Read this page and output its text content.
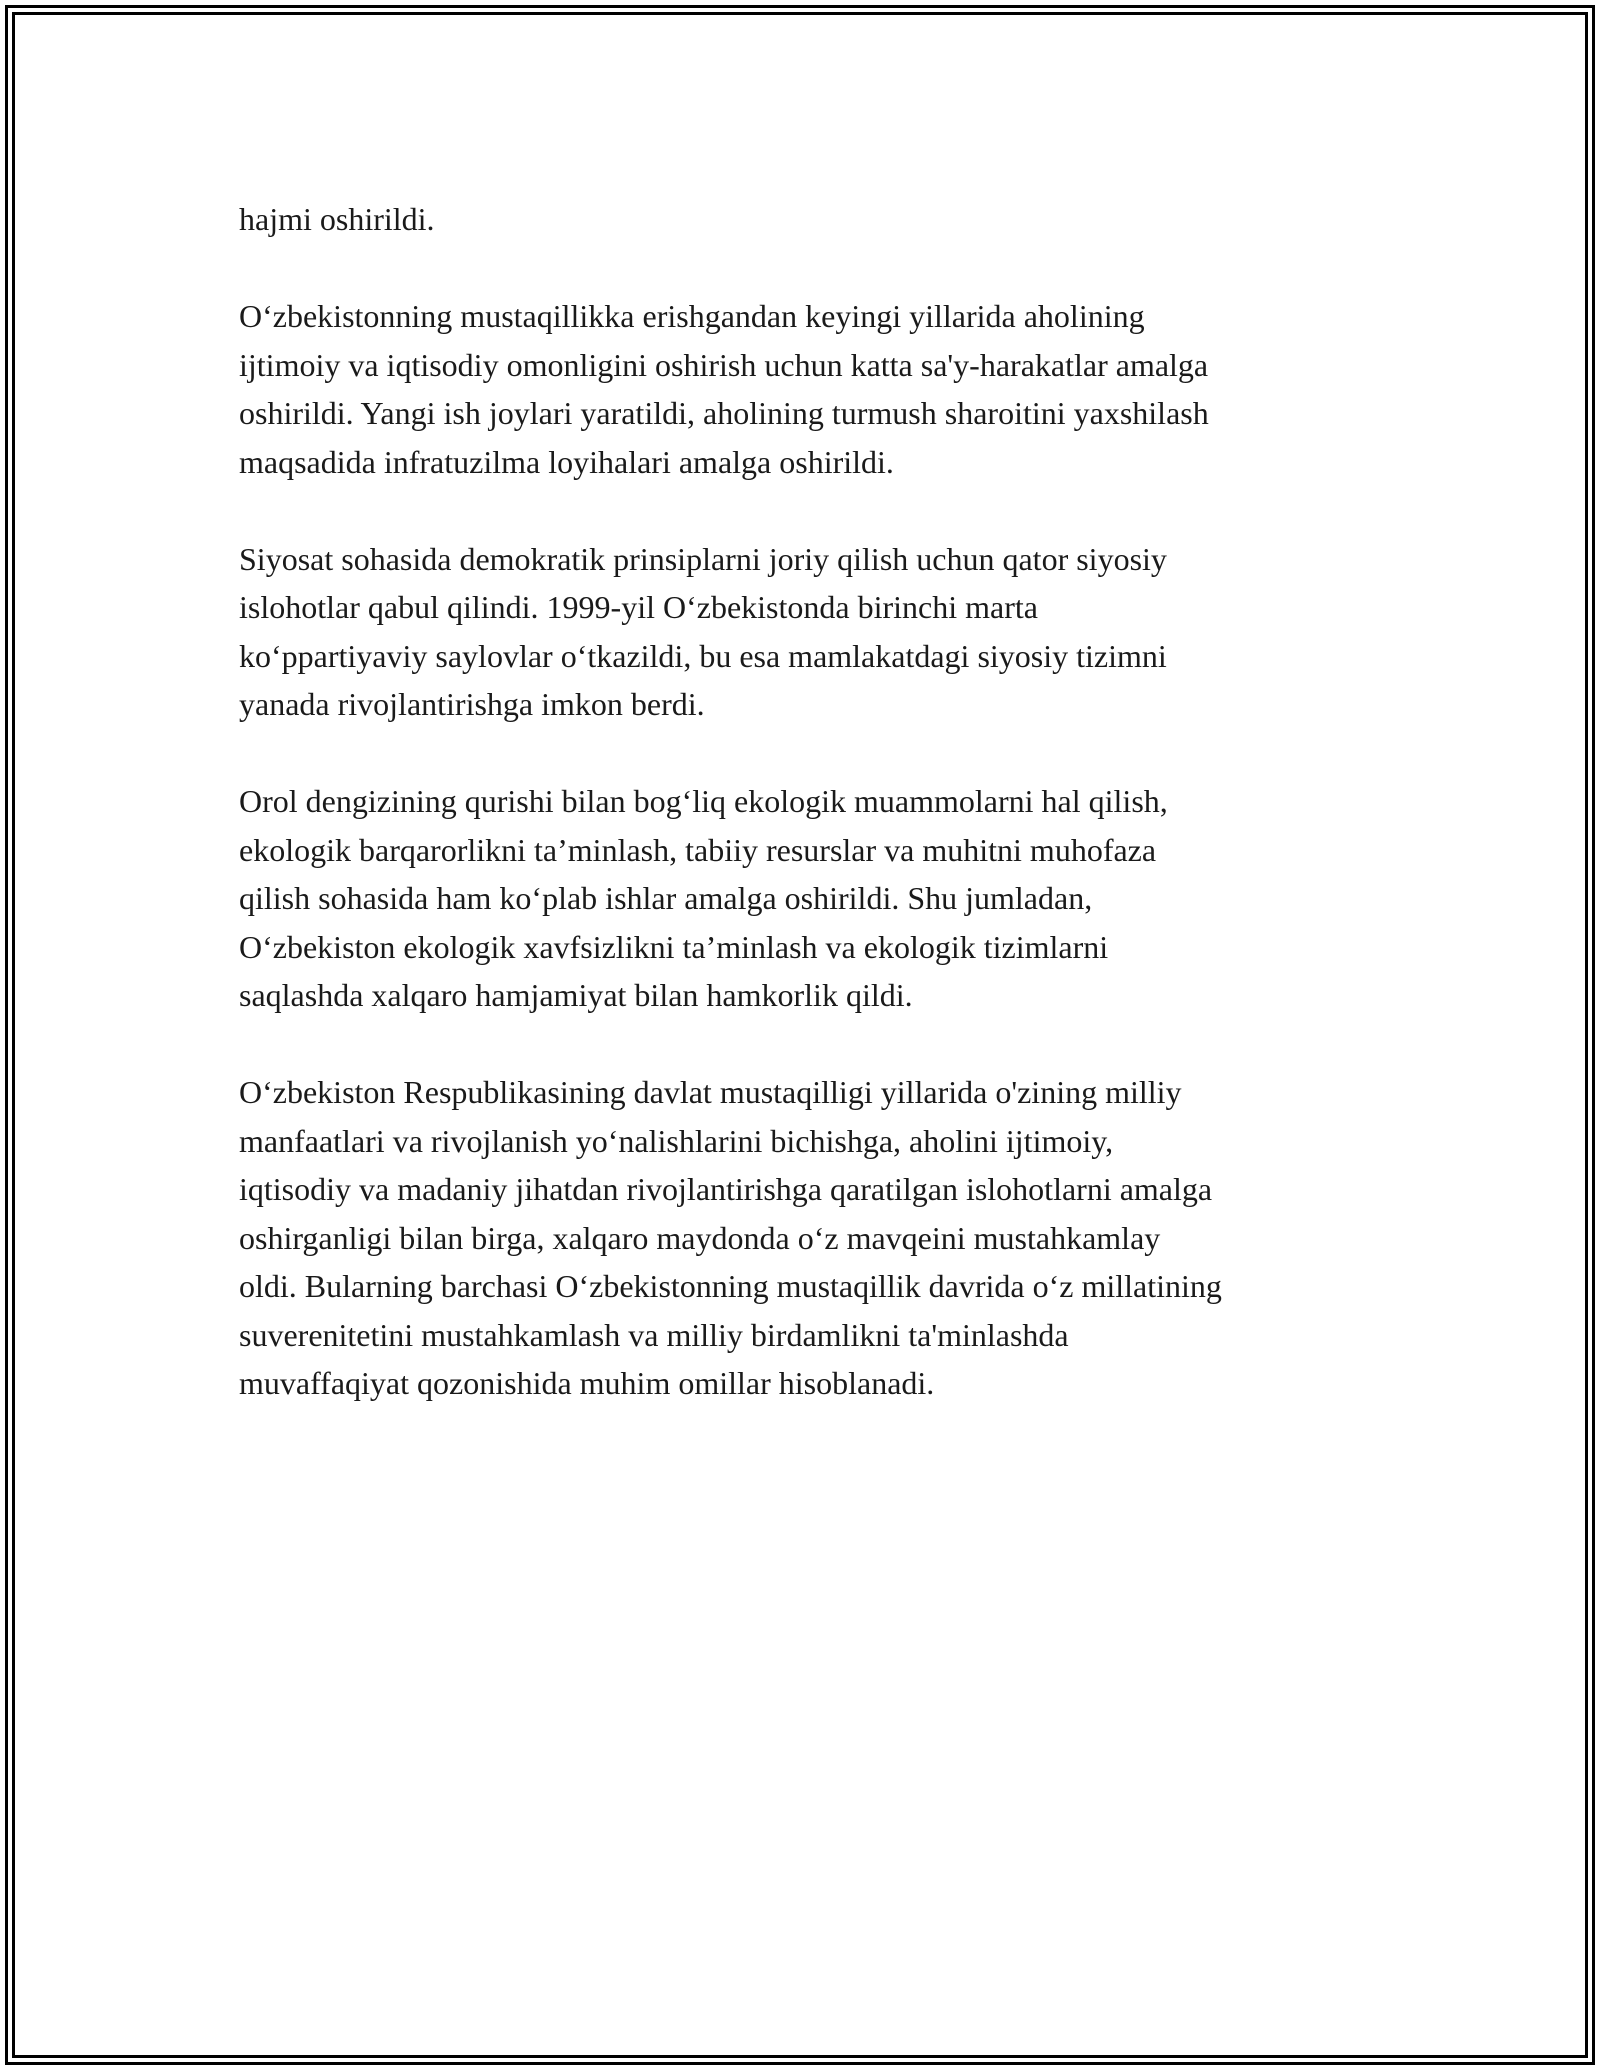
hajmi oshirildi.

O‘zbekistonning mustaqillikka erishgandan keyingi yillarida aholining
ijtimoiy va iqtisodiy omonligini oshirish uchun katta sa'y-harakatlar amalga
oshirildi. Yangi ish joylari yaratildi, aholining turmush sharoitini yaxshilash
maqsadida infratuzilma loyihalari amalga oshirildi.

Siyosat sohasida demokratik prinsiplarni joriy qilish uchun qator siyosiy
islohotlar qabul qilindi. 1999-yil O‘zbekistonda birinchi marta
ko‘ppartiyaviy saylovlar o‘tkazildi, bu esa mamlakatdagi siyosiy tizimni
yanada rivojlantirishga imkon berdi.

Orol dengizining qurishi bilan bog‘liq ekologik muammolarni hal qilish,
ekologik barqarorlikni ta’minlash, tabiiy resurslar va muhitni muhofaza
qilish sohasida ham ko‘plab ishlar amalga oshirildi. Shu jumladan,
O‘zbekiston ekologik xavfsizlikni ta’minlash va ekologik tizimlarni
saqlashda xalqaro hamjamiyat bilan hamkorlik qildi.

O‘zbekiston Respublikasining davlat mustaqilligi yillarida o'zining milliy
manfaatlari va rivojlanish yo‘nalishlarini bichishga, aholini ijtimoiy,
iqtisodiy va madaniy jihatdan rivojlantirishga qaratilgan islohotlarni amalga
oshirganligi bilan birga, xalqaro maydonda o‘z mavqeini mustahkamlay
oldi. Bularning barchasi O‘zbekistonning mustaqillik davrida o‘z millatining
suverenitetini mustahkamlash va milliy birdamlikni ta'minlashda
muvaffaqiyat qozonishida muhim omillar hisoblanadi.
